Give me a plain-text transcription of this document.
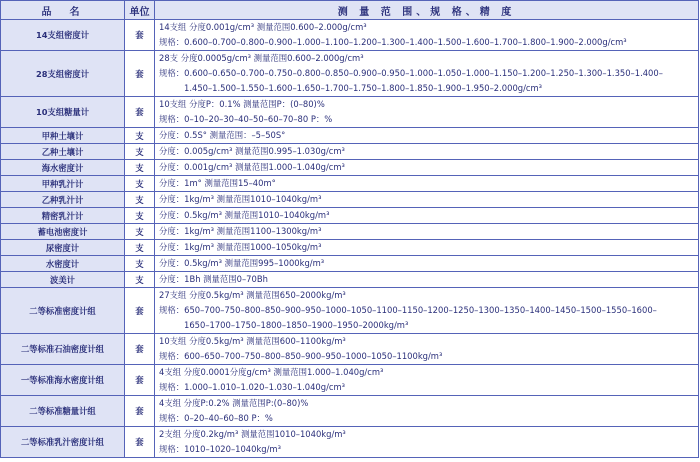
品　名	单位	测 量 范 围、规 格、精 度
14支组密度计	套	14支组 分度0.001g/cm³ 测量范围0.600–2.000g/cm³
规格：0.600–0.700–0.800–0.900–1.000–1.100–1.200–1.300–1.400–1.500–1.600–1.700–1.800–1.900–2.000g/cm³

28支组密度计	套	28支 分度0.0005g/cm³ 测量范围0.600–2.000g/cm³
规格：0.600–0.650–0.700–0.750–0.800–0.850–0.900–0.950–1.000–1.050–1.000–1.150–1.200–1.250–1.300–1.350–1.400–
1.450–1.500–1.550–1.600–1.650–1.700–1.750–1.800–1.850–1.900–1.950–2.000g/cm³

10支组糖量计	套	10支组 分度P：0.1% 测量范围P：(0–80)%
规格：0–10–20–30–40–50–60–70–80 P：%

甲种土壤计	支	分度：0.5S° 测量范围：–5–50S°

乙种土壤计	支	分度：0.005g/cm³ 测量范围0.995–1.030g/cm³

海水密度计	支	分度：0.001g/cm³ 测量范围1.000–1.040g/cm³

甲种乳汁计	支	分度：1m° 测量范围15–40m°

乙种乳汁计	支	分度：1kg/m³ 测量范围1010–1040kg/m³

精密乳汁计	支	分度：0.5kg/m³ 测量范围1010–1040kg/m³

蓄电池密度计	支	分度：1kg/m³ 测量范围1100–1300kg/m³

尿密度计	支	分度：1kg/m³ 测量范围1000–1050kg/m³

水密度计	支	分度：0.5kg/m³ 测量范围995–1000kg/m³

波美计	支	分度：1Bh 测量范围0–70Bh

二等标准密度计组	套	27支组 分度0.5kg/m³ 测量范围650–2000kg/m³
规格：650–700–750–800–850–900–950–1000–1050–1100–1150–1200–1250–1300–1350–1400–1450–1500–1550–1600–
1650–1700–1750–1800–1850–1900–1950–2000kg/m³

二等标准石油密度计组	套	10支组 分度0.5kg/m³ 测量范围600–1100kg/m³
规格：600–650–700–750–800–850–900–950–1000–1050–1100kg/m³

一等标准海水密度计组	套	4支组 分度0.0001分度g/cm³ 测量范围1.000–1.040g/cm³
规格：1.000–1.010–1.020–1.030–1.040g/cm³

二等标准糖量计组	套	4支组 分度P:0.2% 测量范围P:(0–80)%
规格：0–20–40–60–80 P：%

二等标准乳汁密度计组	套	2支组 分度0.2kg/m³ 测量范围1010–1040kg/m³
规格：1010–1020–1040kg/m³
